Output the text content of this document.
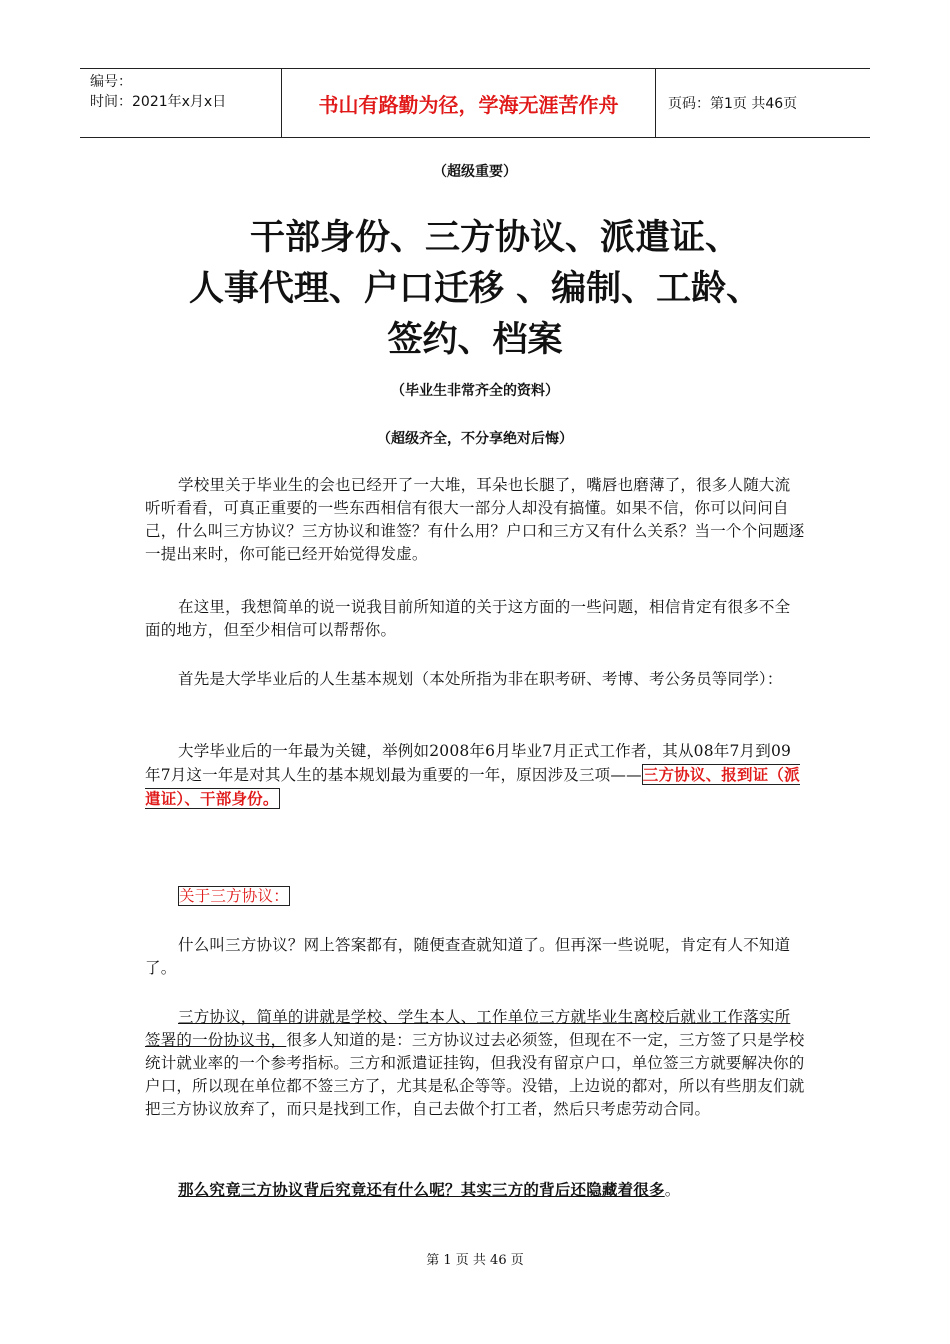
编号：
时间：2021年x月x日	书山有路勤为径，学海无涯苦作舟	页码：第1页 共46页
（超级重要）
干部身份、三方协议、派遣证、
人事代理、户口迁移 、编制、工龄、
签约、档案
（毕业生非常齐全的资料）
（超级齐全，不分享绝对后悔）
学校里关于毕业生的会也已经开了一大堆，耳朵也长腿了，嘴唇也磨薄了，很多人随大流听听看看，可真正重要的一些东西相信有很大一部分人却没有搞懂。如果不信，你可以问问自己，什么叫三方协议？三方协议和谁签？有什么用？户口和三方又有什么关系？当一个个问题逐一提出来时，你可能已经开始觉得发虚。
在这里，我想简单的说一说我目前所知道的关于这方面的一些问题，相信肯定有很多不全面的地方，但至少相信可以帮帮你。
首先是大学毕业后的人生基本规划（本处所指为非在职考研、考博、考公务员等同学）：
大学毕业后的一年最为关键，举例如2008年6月毕业7月正式工作者，其从08年7月到09年7月这一年是对其人生的基本规划最为重要的一年，原因涉及三项——三方协议、报到证（派遣证）、干部身份。
关于三方协议：
什么叫三方协议？网上答案都有，随便查查就知道了。但再深一些说呢，肯定有人不知道了。
三方协议，简单的讲就是学校、学生本人、工作单位三方就毕业生离校后就业工作落实所签署的一份协议书，很多人知道的是：三方协议过去必须签，但现在不一定，三方签了只是学校统计就业率的一个参考指标。三方和派遣证挂钩，但我没有留京户口，单位签三方就要解决你的户口，所以现在单位都不签三方了，尤其是私企等等。没错，上边说的都对，所以有些朋友们就把三方协议放弃了，而只是找到工作，自己去做个打工者，然后只考虑劳动合同。
那么究竟三方协议背后究竟还有什么呢？其实三方的背后还隐藏着很多。
第 1 页 共 46 页
